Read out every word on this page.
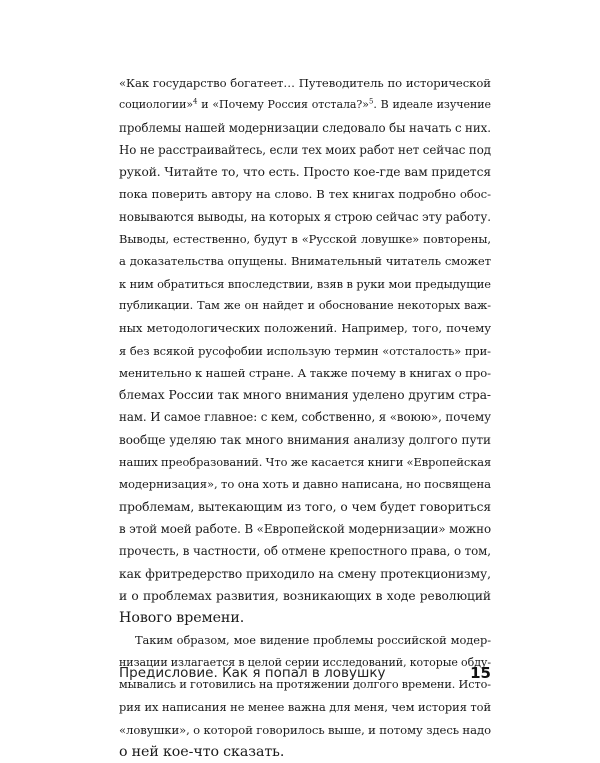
«Как государство богатеет… Путеводитель по исторической
социологии»$^4$ и «Почему Россия отстала?»$^5$. В идеале изучение
проблемы нашей модернизации следовало бы начать с них.
Но не расстраивайтесь, если тех моих работ нет сейчас под
рукой. Читайте то, что есть. Просто кое-где вам придется
пока поверить автору на слово. В тех книгах подробно обос-
новываются выводы, на которых я строю сейчас эту работу.
Выводы, естественно, будут в «Русской ловушке» повторены,
а доказательства опущены. Внимательный читатель сможет
к ним обратиться впоследствии, взяв в руки мои предыдущие
публикации. Там же он найдет и обоснование некоторых важ-
ных методологических положений. Например, того, почему
я без всякой русофобии использую термин «отсталость» при-
менительно к нашей стране. А также почему в книгах о про-
блемах России так много внимания уделено другим стра-
нам. И самое главное: с кем, собственно, я «воюю», почему
вообще уделяю так много внимания анализу долгого пути
наших преобразований. Что же касается книги «Европейская
модернизация», то она хоть и давно написана, но посвящена
проблемам, вытекающим из того, о чем будет говориться
в этой моей работе. В «Европейской модернизации» можно
прочесть, в частности, об отмене крепостного права, о том,
как фритредерство приходило на смену протекционизму,
и о проблемах развития, возникающих в ходе революций
Нового времени.
Таким образом, мое видение проблемы российской модер-
низации излагается в целой серии исследований, которые обду-
мывались и готовились на протяжении долгого времени. Исто-
рия их написания не менее важна для меня, чем история той
«ловушки», о которой говорилось выше, и потому здесь надо
о ней кое-что сказать.
Предисловие. Как я попал в ловушку	15
